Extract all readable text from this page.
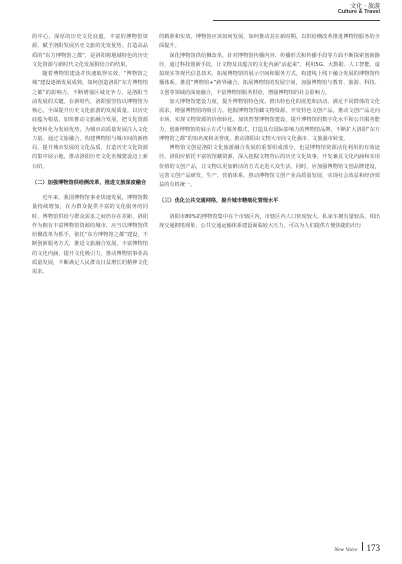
文化 · 旅游
Culture & Travel

的中心，深厚的历史文化底蕴，丰富的博物馆资源，赋予洛阳发展历史文旅的先发优势。打造高品质的“东方博物馆之都”，是洛阳将地域特色的历史文化资源与新时代文化发展相结合的结果。

随着博物馆建设并快速取得实效，“博物馆之城”建设逐渐发展成熟，如何创造洛阳“东方博物馆之都”的影响力，不断增强区域竞争力，是洛阳当前发展的关键。在新时代，洛阳要坚持以博物馆为核心，全面提升历史文化旅游的发展质量。以历史底蕴为根基，加快推动文旅融合发展，把文化资源优势转化为发展优势，为城市高质量发展注入文化力量。通过文旅融合，构建博物馆与城市间的新格局，提升城市发展的文化品质，打造历史文化资源的集中展示地，推动洛阳历史文化名城建设迈上新台阶。

（二）加强博物馆供给侧改革，推进文旅深度融合

近年来，我国博物馆事业快速发展，博物馆数量持续增加，在为群众提供丰富的文化服务的同时，博物馆供给与群众需求之间仍存在差距。洛阳作为拥有丰富博物馆资源的城市，应当以博物馆供给侧改革为抓手，依托“东方博物馆之都”建设，不断创新服务方式，推进文旅融合发展，丰富博物馆的文化内涵，提升文化吸引力，推动博物馆事业高质量发展，不断满足人民群众日益增长的精神文化需求。

的精准和实效，博物馆应该如何发展，如何推动其在新时期，以供给侧改革推进博物馆服务的全面提升。

深化博物馆供给侧改革，针对博物馆传播内容、传播形式和传播手段等方面不断探索创新路径，通过科技创新手段，让文物及其蕴含的文化内涵“活起来”，利用5G、大数据、人工智能、虚拟现实等现代信息技术，拓展博物馆的展示空间和服务方式，构建线上线下融合发展的博物馆传播体系。推进“博物馆+”跨界融合，拓展博物馆的发展空间，加强博物馆与教育、旅游、科技、文创等领域的深度融合，丰富博物馆服务供给，增强博物馆的社会影响力。

加大博物馆建设力度，提升博物馆特色度。推出特色化的展览和活动，满足不同群体的文化需求，增强博物馆的吸引力。挖掘博物馆馆藏文物资源，开发特色文创产品，推动文创产品走向市场，实现文物资源的价值转化。加快智慧博物馆建设，提升博物馆的数字化水平和公共服务能力，创新博物馆的展示方式与服务模式，打造具有国际影响力的博物馆品牌，不断扩大洛阳“东方博物馆之都”的知名度和美誉度，推动洛阳由文物大市向文化强市、文旅强市转变。

博物馆文创是洛阳文化旅游融合发展的重要组成部分，也是博物馆资源活化利用的有效途径。洛阳应依托丰富的馆藏资源，深入挖掘文物背后的历史文化故事，开发兼具文化内涵和实用价值的文创产品，让文物以更加鲜活的方式走进大众生活。同时，应加强博物馆文创品牌建设，完善文创产品研发、生产、营销体系，推动博物馆文创产业高质量发展，实现社会效益和经济效益的有机统一。

（三）优化公共交通网络，提升城市精细化管理水平

洛阳市80%的博物馆集中在个市辖区内，市辖区内人口密度较大，私家车拥有量较高，相出现交通拥堵现象，公共交通运输体系建设面临较大压力。可以为人们提供方便快捷的出行

New Voice 173
